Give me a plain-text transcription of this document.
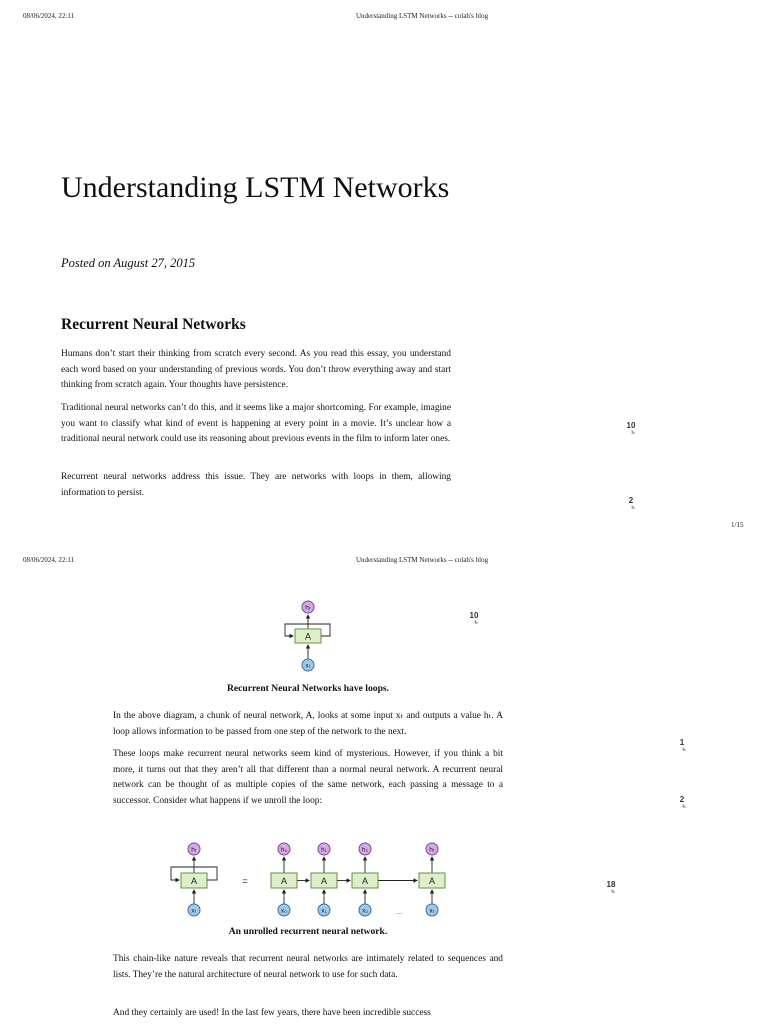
08/06/2024, 22:11	Understanding LSTM Networks -- colah's blog
Understanding LSTM Networks
Posted on August 27, 2015
Recurrent Neural Networks

Humans don’t start their thinking from scratch every second. As you read this essay, you understand each word based on your understanding of previous words. You don’t throw everything away and start thinking from scratch again. Your thoughts have persistence.

Traditional neural networks can’t do this, and it seems like a major shortcoming. For example, imagine you want to classify what kind of event is happening at every point in a movie. It’s unclear how a traditional neural network could use its reasoning about previous events in the film to inform later ones.

Recurrent neural networks address this issue. They are networks with loops in them, allowing information to persist.

10
◣
2
◣
1/15
08/06/2024, 22:11	Understanding LSTM Networks -- colah's blog
hₜ
A
xₜ
Recurrent Neural Networks have loops.

In the above diagram, a chunk of neural network, A, looks at some input xₜ and outputs a value hₜ. A loop allows information to be passed from one step of the network to the next.

These loops make recurrent neural networks seem kind of mysterious. However, if you think a bit more, it turns out that they aren’t all that different than a normal neural network. A recurrent neural network can be thought of as multiple copies of the same network, each passing a message to a successor. Consider what happens if we unroll the loop:

10
◣
1
◣
2
◣
18
◣
hₜ
A
xₜ
=
h₀
A
x₀
h₁
A
x₁
h₂
A
x₂
hₜ
A
xₜ
...
An unrolled recurrent neural network.

This chain-like nature reveals that recurrent neural networks are intimately related to sequences and lists. They’re the natural architecture of neural network to use for such data.

And they certainly are used! In the last few years, there have been incredible success
